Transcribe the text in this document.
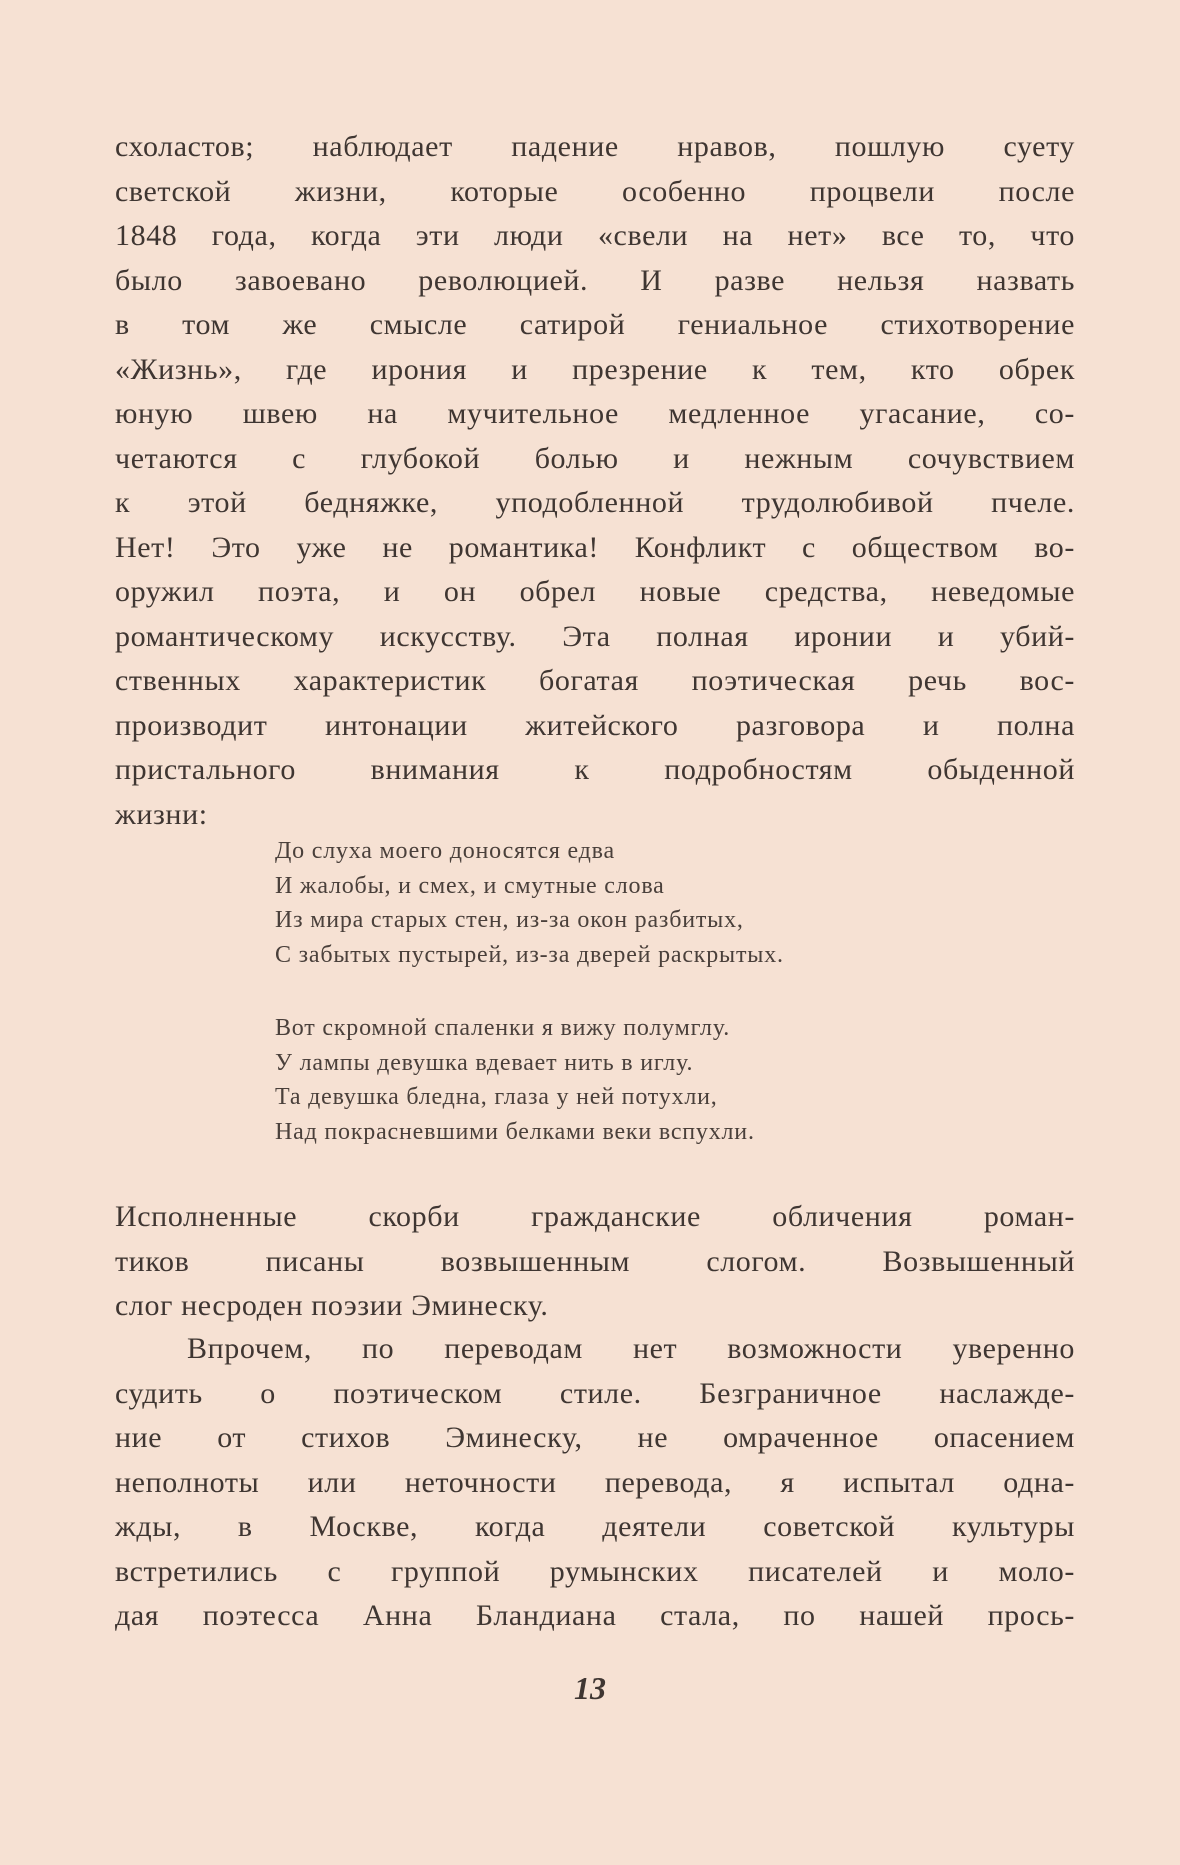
схоластов; наблюдает падение нравов, пошлую суету
светской жизни, которые особенно процвели после
1848 года, когда эти люди «свели на нет» все то, что
было завоевано революцией. И разве нельзя назвать
в том же смысле сатирой гениальное стихотворение
«Жизнь», где ирония и презрение к тем, кто обрек
юную швею на мучительное медленное угасание, со-
четаются с глубокой болью и нежным сочувствием
к этой бедняжке, уподобленной трудолюбивой пчеле.
Нет! Это уже не романтика! Конфликт с обществом во-
оружил поэта, и он обрел новые средства, неведомые
романтическому искусству. Эта полная иронии и убий-
ственных характеристик богатая поэтическая речь вос-
производит интонации житейского разговора и полна
пристального внимания к подробностям обыденной
жизни:
До слуха моего доносятся едва
И жалобы, и смех, и смутные слова
Из мира старых стен, из-за окон разбитых,
С забытых пустырей, из-за дверей раскрытых.
Вот скромной спаленки я вижу полумглу.
У лампы девушка вдевает нить в иглу.
Та девушка бледна, глаза у ней потухли,
Над покрасневшими белками веки вспухли.
Исполненные скорби гражданские обличения роман-
тиков писаны возвышенным слогом. Возвышенный
слог несроден поэзии Эминеску.
Впрочем, по переводам нет возможности уверенно
судить о поэтическом стиле. Безграничное наслажде-
ние от стихов Эминеску, не омраченное опасением
неполноты или неточности перевода, я испытал одна-
жды, в Москве, когда деятели советской культуры
встретились с группой румынских писателей и моло-
дая поэтесса Анна Бландиана стала, по нашей прось-
13
